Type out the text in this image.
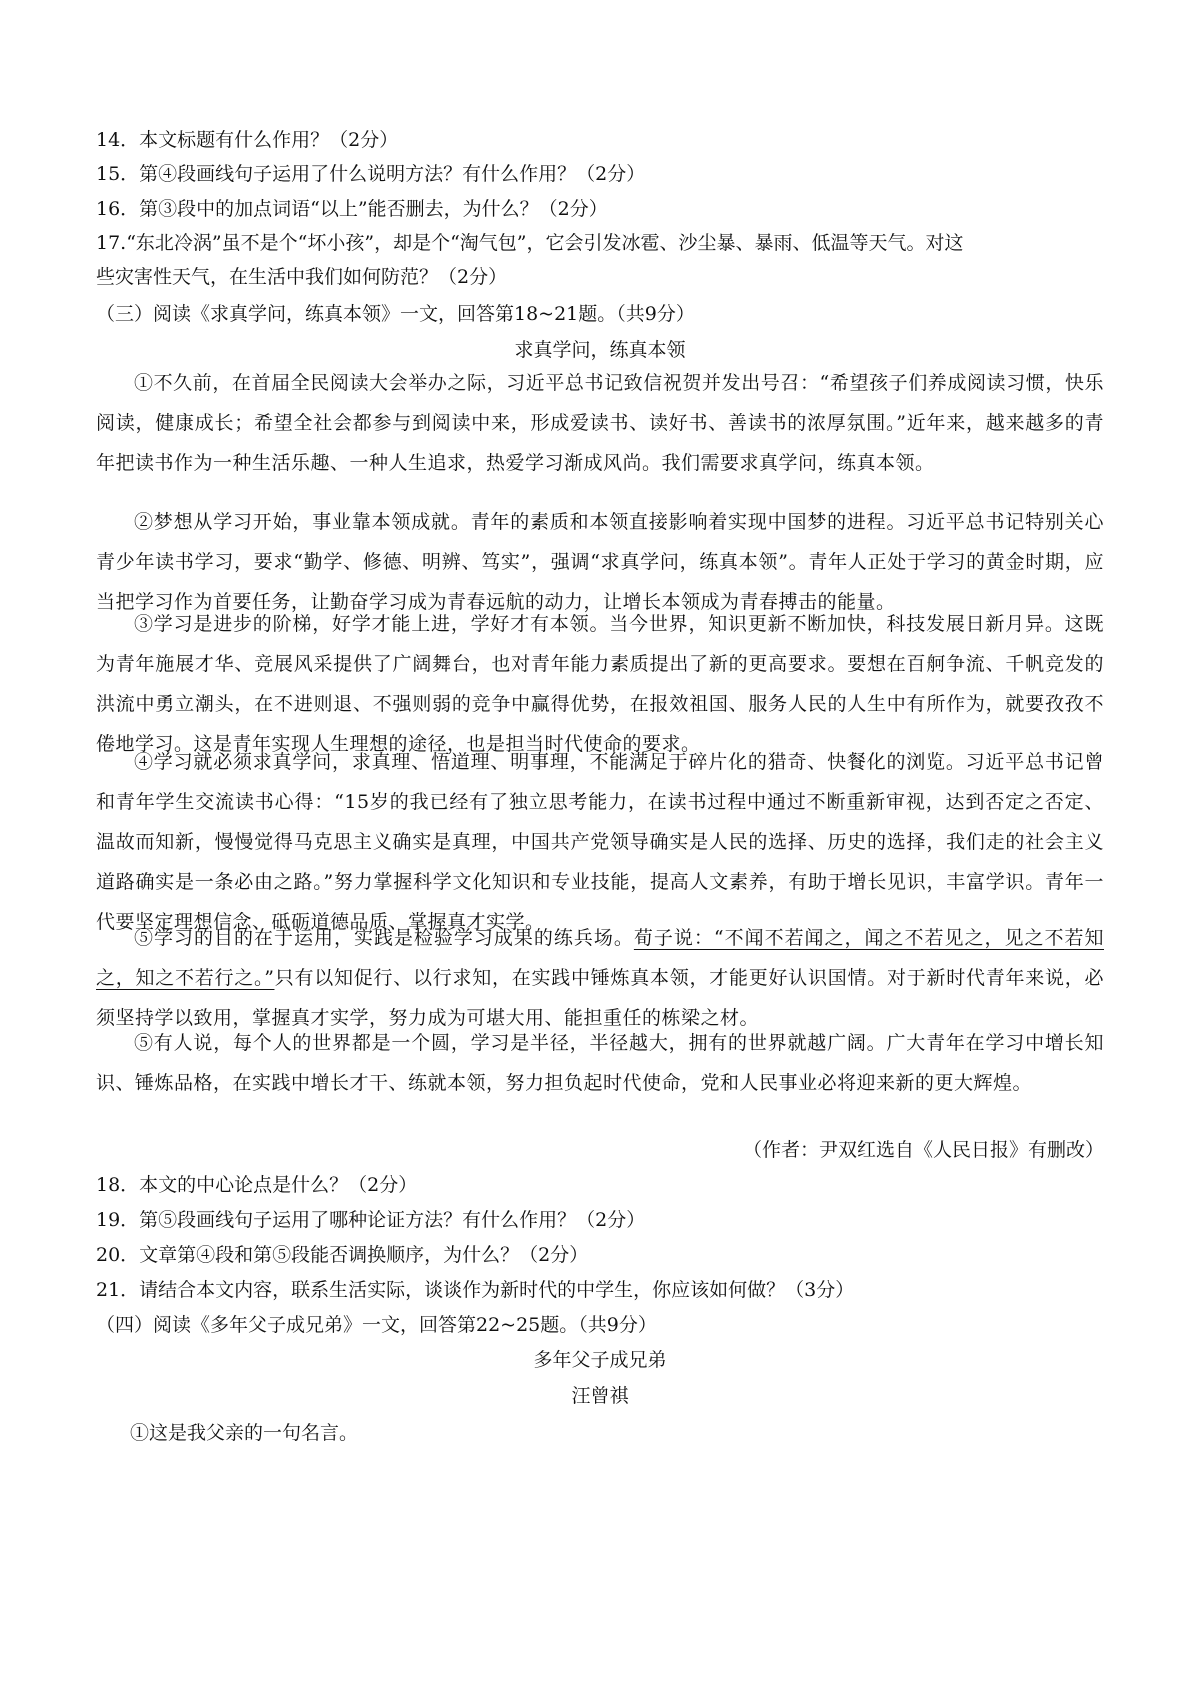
14．本文标题有什么作用？（2分）
15．第④段画线句子运用了什么说明方法？有什么作用？（2分）
16．第③段中的加点词语“以上”能否删去，为什么？（2分）
17.“东北冷涡”虽不是个“坏小孩”，却是个“淘气包”，它会引发冰雹、沙尘暴、暴雨、低温等天气。对这
些灾害性天气，在生活中我们如何防范？（2分）
（三）阅读《求真学问，练真本领》一文，回答第18~21题。（共9分）
求真学问，练真本领
①不久前，在首届全民阅读大会举办之际，习近平总书记致信祝贺并发出号召：“希望孩子们养成阅读习惯，快乐阅读，健康成长；希望全社会都参与到阅读中来，形成爱读书、读好书、善读书的浓厚氛围。”近年来，越来越多的青年把读书作为一种生活乐趣、一种人生追求，热爱学习渐成风尚。我们需要求真学问，练真本领。
②梦想从学习开始，事业靠本领成就。青年的素质和本领直接影响着实现中国梦的进程。习近平总书记特别关心青少年读书学习，要求“勤学、修德、明辨、笃实”，强调“求真学问，练真本领”。青年人正处于学习的黄金时期，应当把学习作为首要任务，让勤奋学习成为青春远航的动力，让增长本领成为青春搏击的能量。
③学习是进步的阶梯，好学才能上进，学好才有本领。当今世界，知识更新不断加快，科技发展日新月异。这既为青年施展才华、竞展风采提供了广阔舞台，也对青年能力素质提出了新的更高要求。要想在百舸争流、千帆竞发的洪流中勇立潮头，在不进则退、不强则弱的竞争中赢得优势，在报效祖国、服务人民的人生中有所作为，就要孜孜不倦地学习。这是青年实现人生理想的途径，也是担当时代使命的要求。
④学习就必须求真学问，求真理、悟道理、明事理，不能满足于碎片化的猎奇、快餐化的浏览。习近平总书记曾和青年学生交流读书心得：“15岁的我已经有了独立思考能力，在读书过程中通过不断重新审视，达到否定之否定、温故而知新，慢慢觉得马克思主义确实是真理，中国共产党领导确实是人民的选择、历史的选择，我们走的社会主义道路确实是一条必由之路。”努力掌握科学文化知识和专业技能，提高人文素养，有助于增长见识，丰富学识。青年一代要坚定理想信念、砥砺道德品质、掌握真才实学。
⑤学习的目的在于运用，实践是检验学习成果的练兵场。荀子说：“不闻不若闻之，闻之不若见之，见之不若知之，知之不若行之。”只有以知促行、以行求知，在实践中锤炼真本领，才能更好认识国情。对于新时代青年来说，必须坚持学以致用，掌握真才实学，努力成为可堪大用、能担重任的栋梁之材。
⑤有人说，每个人的世界都是一个圆，学习是半径，半径越大，拥有的世界就越广阔。广大青年在学习中增长知识、锤炼品格，在实践中增长才干、练就本领，努力担负起时代使命，党和人民事业必将迎来新的更大辉煌。
（作者：尹双红选自《人民日报》有删改）
18．本文的中心论点是什么？（2分）
19．第⑤段画线句子运用了哪种论证方法？有什么作用？（2分）
20．文章第④段和第⑤段能否调换顺序，为什么？（2分）
21．请结合本文内容，联系生活实际，谈谈作为新时代的中学生，你应该如何做？（3分）
（四）阅读《多年父子成兄弟》一文，回答第22~25题。（共9分）
多年父子成兄弟
汪曾祺
①这是我父亲的一句名言。
